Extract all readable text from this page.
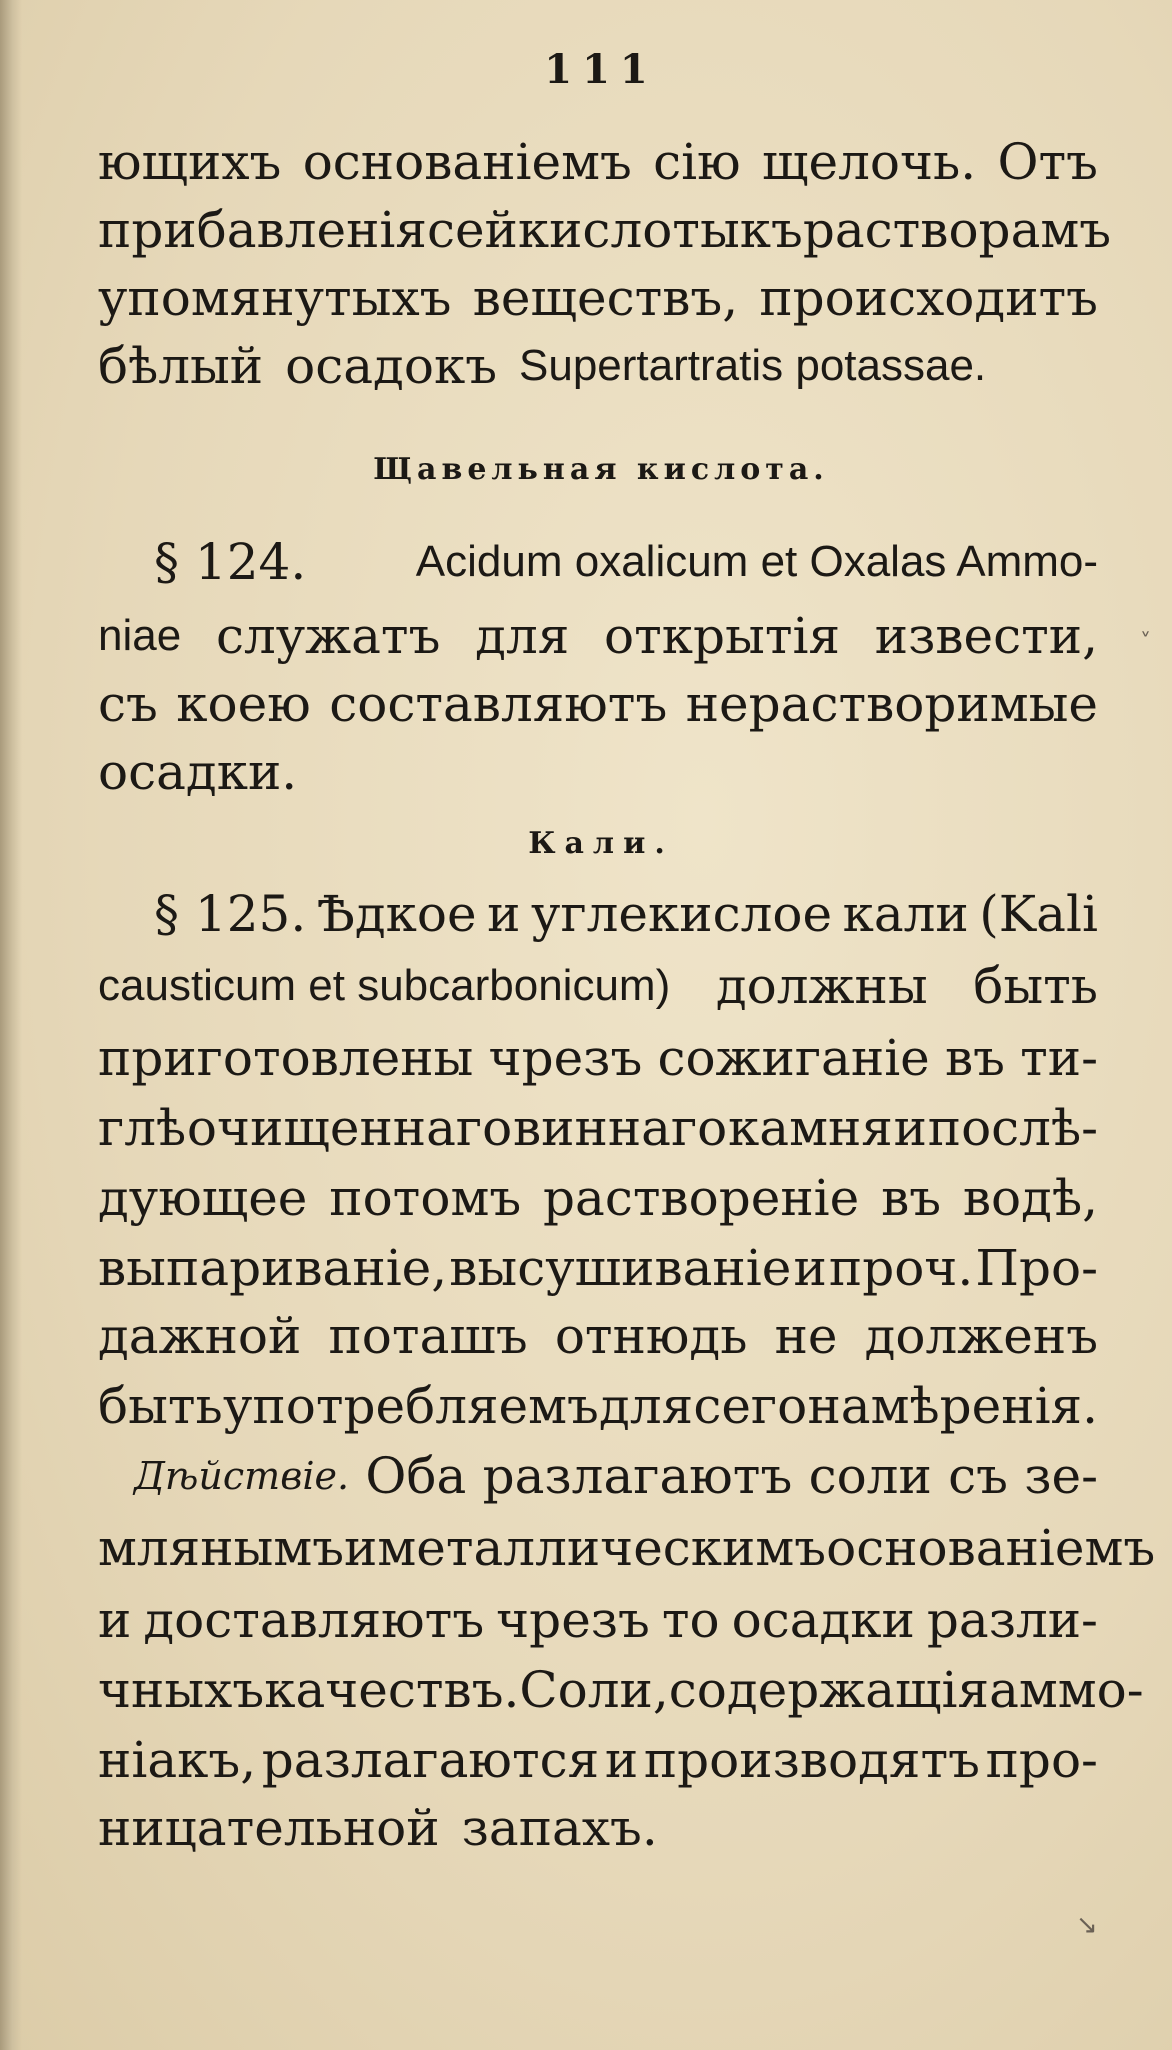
111
ющихъ основаніемъ сію щелочь. Отъ
прибавленія сей кислоты къ растворамъ
упомянутыхъ веществъ, происходитъ
бѣлый осадокъ Supertartratis potassae.
Щавельная кислота.
§ 124. Acidum oxalicum et Oxalas Ammo-
niae служатъ для открытія извести,
съ коею составляютъ нерастворимые
осадки.
Кали.
§ 125. Ѣдкое и углекислое кали (Kali
causticum et subcarbonicum) должны быть
приготовлены чрезъ сожиганіе въ ти-
глѣ очищеннаго виннаго камня и послѣ-
дующее потомъ раствореніе въ водѣ,
выпариваніе, высушиваніе и проч. Про-
дажной поташъ отнюдь не долженъ
быть употребляемъ для сего намѣренія.
Дѣйствіе. Оба разлагаютъ соли съ зе-
млянымъ и металлическимъ основаніемъ
и доставляютъ чрезъ то осадки разли-
чныхъ качествъ. Соли, содержащія аммо-
ніакъ, разлагаются и производятъ про-
ницательной запахъ.
↘
˅
